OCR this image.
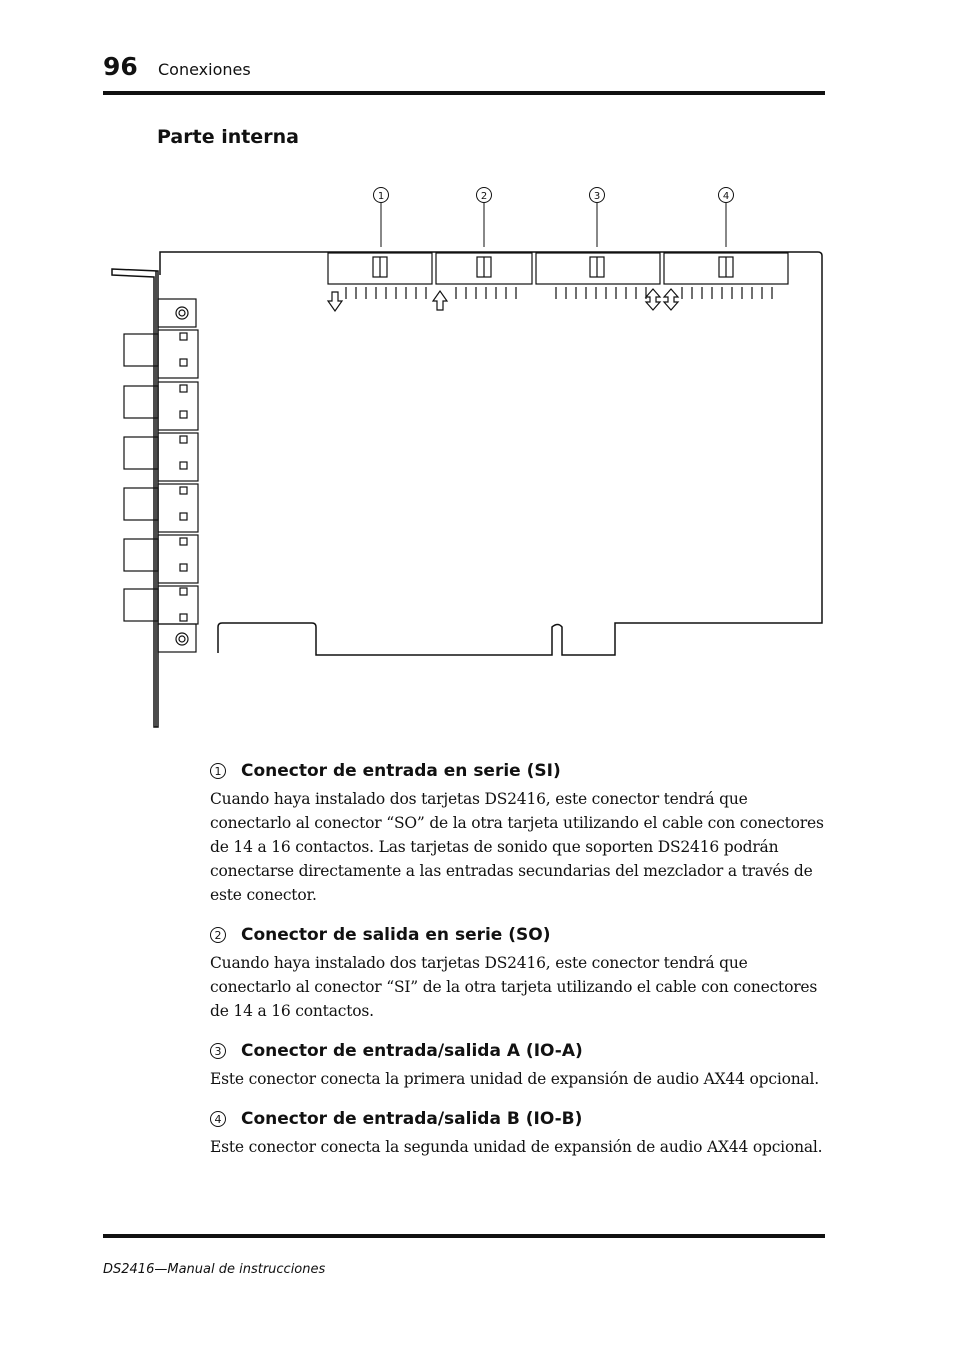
96 Conexiones
Parte interna
1	2	3	4
1 Conector de entrada en serie (SI)

Cuando haya instalado dos tarjetas DS2416, este conector tendrá que conectarlo al conector “SO” de la otra tarjeta utilizando el cable con conectores de 14 a 16 contactos. Las tarjetas de sonido que soporten DS2416 podrán conectarse directamente a las entradas secundarias del mezclador a través de este conector.

2 Conector de salida en serie (SO)

Cuando haya instalado dos tarjetas DS2416, este conector tendrá que conectarlo al conector “SI” de la otra tarjeta utilizando el cable con conectores de 14 a 16 contactos.

3 Conector de entrada/salida A (IO-A)

Este conector conecta la primera unidad de expansión de audio AX44 opcional.

4 Conector de entrada/salida B (IO-B)

Este conector conecta la segunda unidad de expansión de audio AX44 opcional.

DS2416—Manual de instrucciones
